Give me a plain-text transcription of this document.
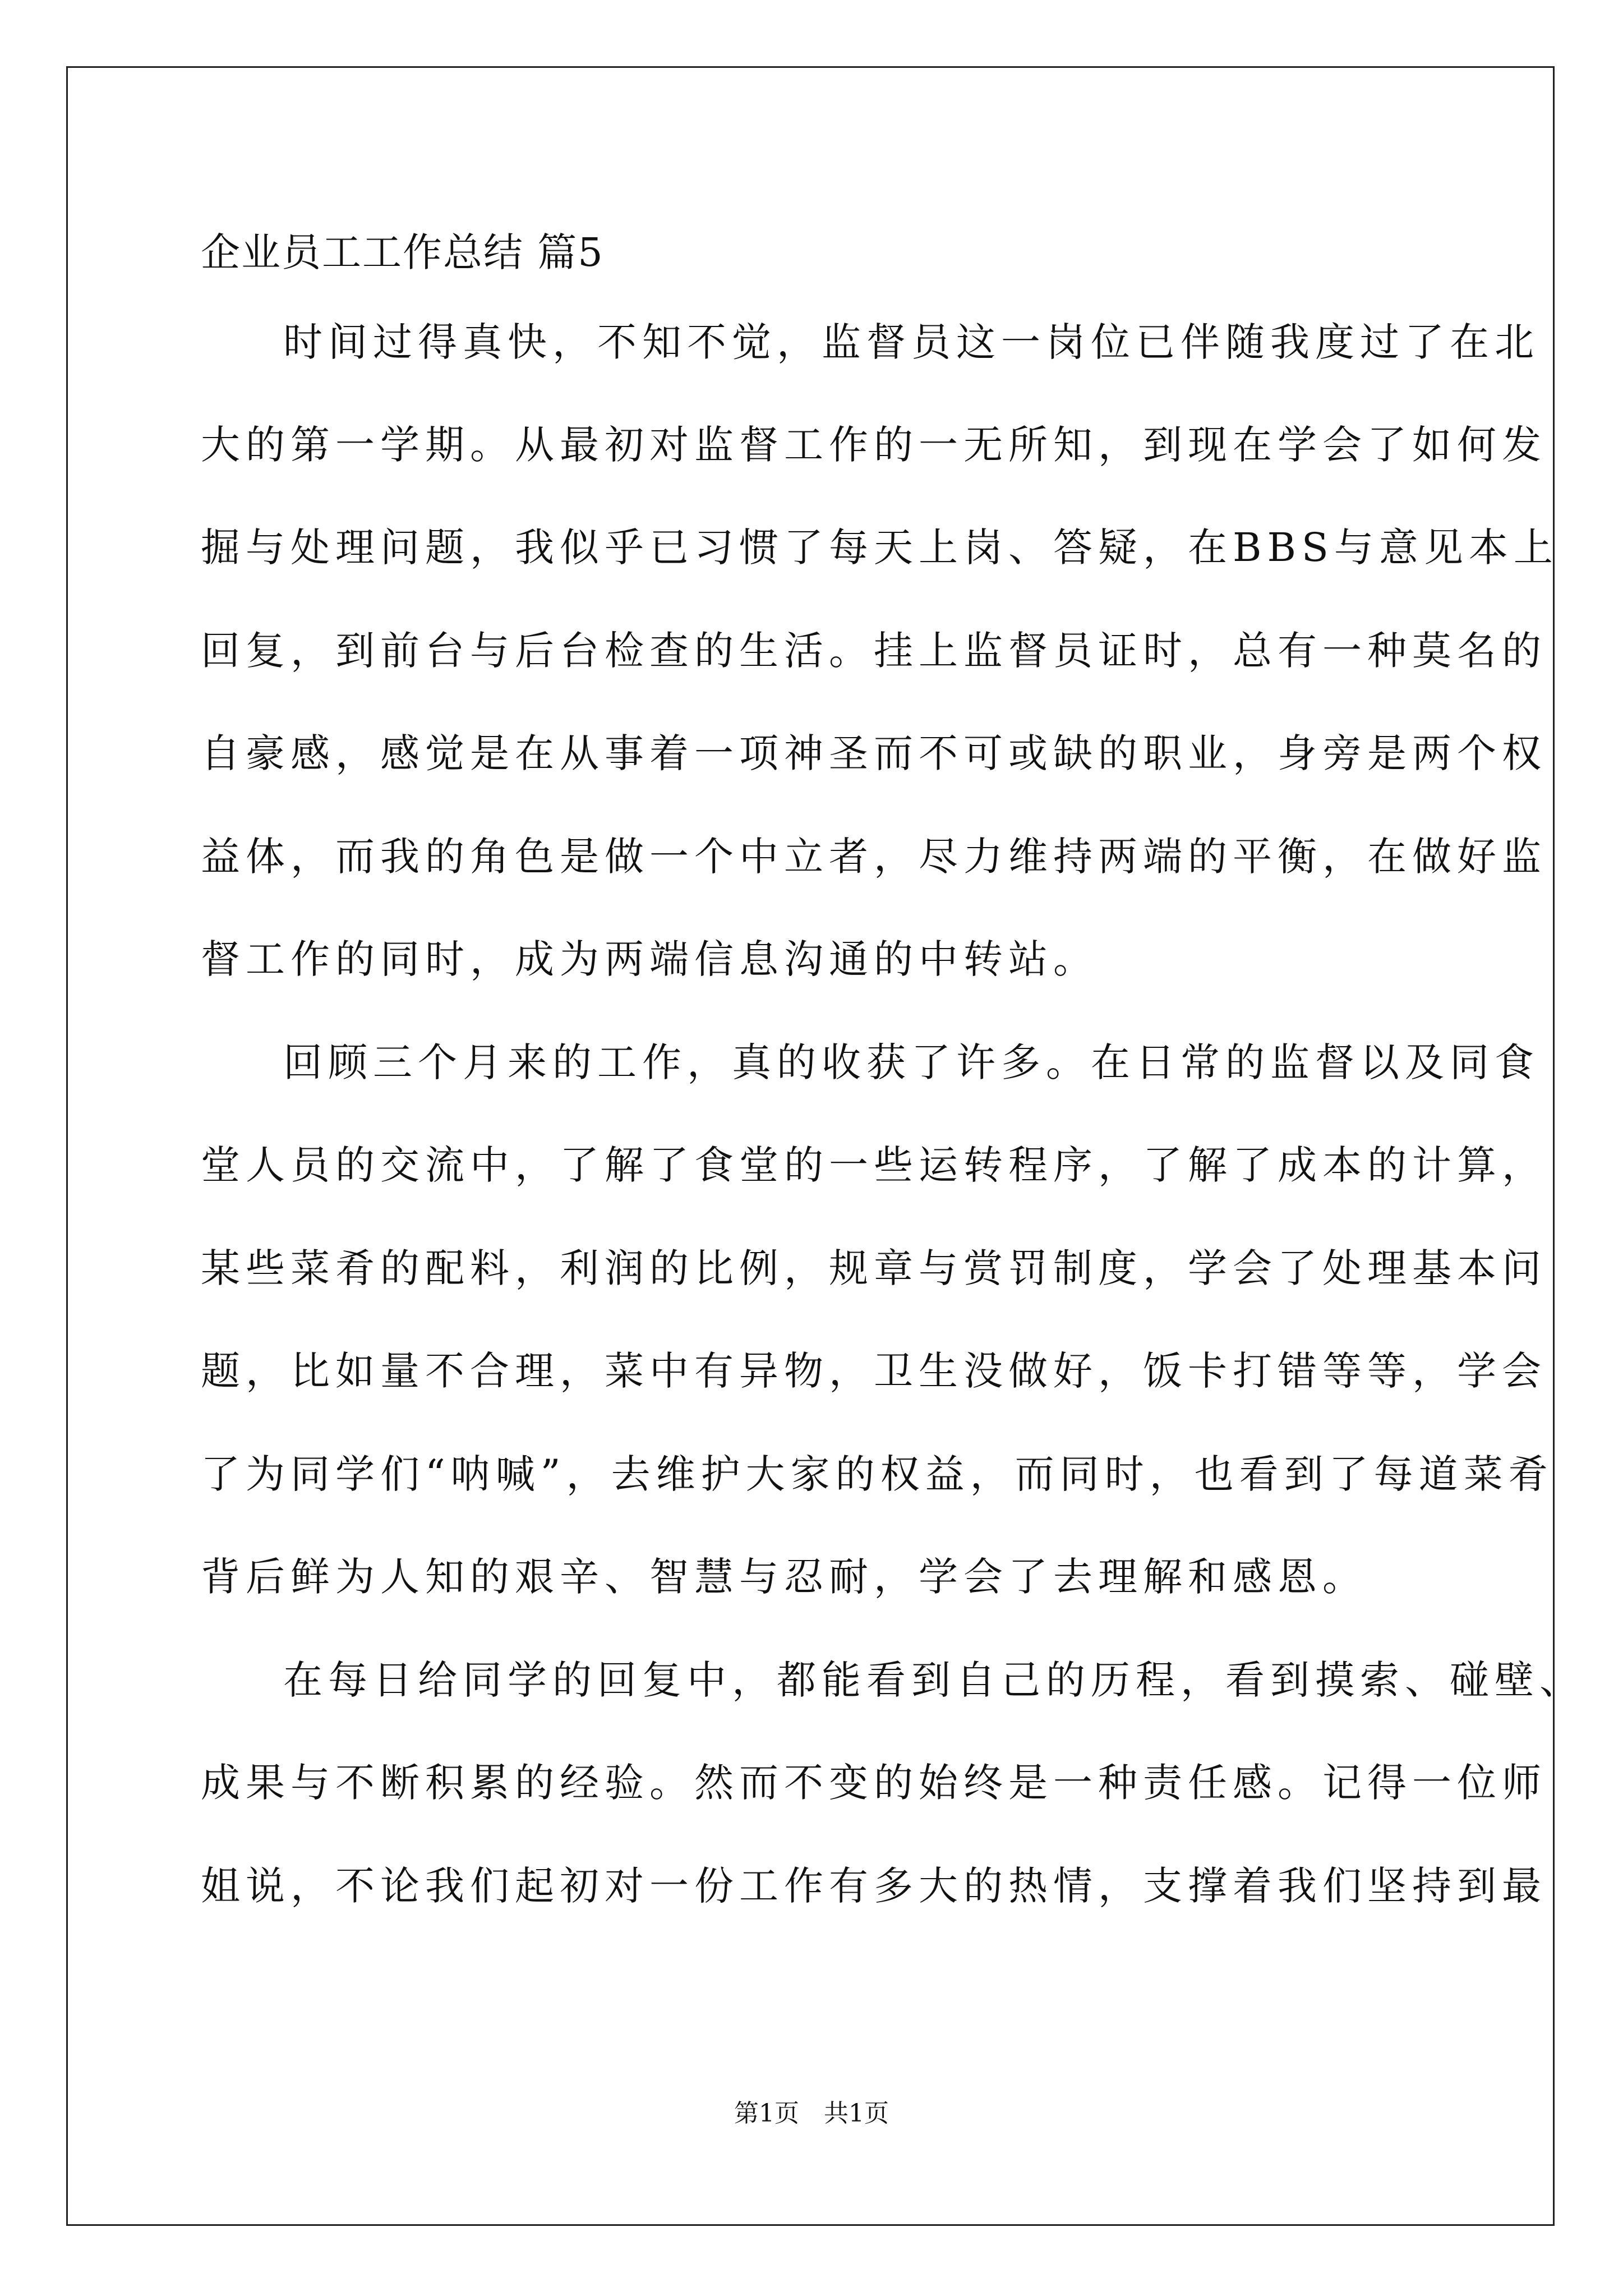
企业员工工作总结 篇5
时间过得真快，不知不觉，监督员这一岗位已伴随我度过了在北
大的第一学期。从最初对监督工作的一无所知，到现在学会了如何发
掘与处理问题，我似乎已习惯了每天上岗、答疑，在BBS与意见本上
回复，到前台与后台检查的生活。挂上监督员证时，总有一种莫名的
自豪感，感觉是在从事着一项神圣而不可或缺的职业，身旁是两个权
益体，而我的角色是做一个中立者，尽力维持两端的平衡，在做好监
督工作的同时，成为两端信息沟通的中转站。
回顾三个月来的工作，真的收获了许多。在日常的监督以及同食
堂人员的交流中，了解了食堂的一些运转程序，了解了成本的计算，
某些菜肴的配料，利润的比例，规章与赏罚制度，学会了处理基本问
题，比如量不合理，菜中有异物，卫生没做好，饭卡打错等等，学会
了为同学们“呐喊”，去维护大家的权益，而同时，也看到了每道菜肴
背后鲜为人知的艰辛、智慧与忍耐，学会了去理解和感恩。
在每日给同学的回复中，都能看到自己的历程，看到摸索、碰壁、
成果与不断积累的经验。然而不变的始终是一种责任感。记得一位师
姐说，不论我们起初对一份工作有多大的热情，支撑着我们坚持到最
第1页　共1页
